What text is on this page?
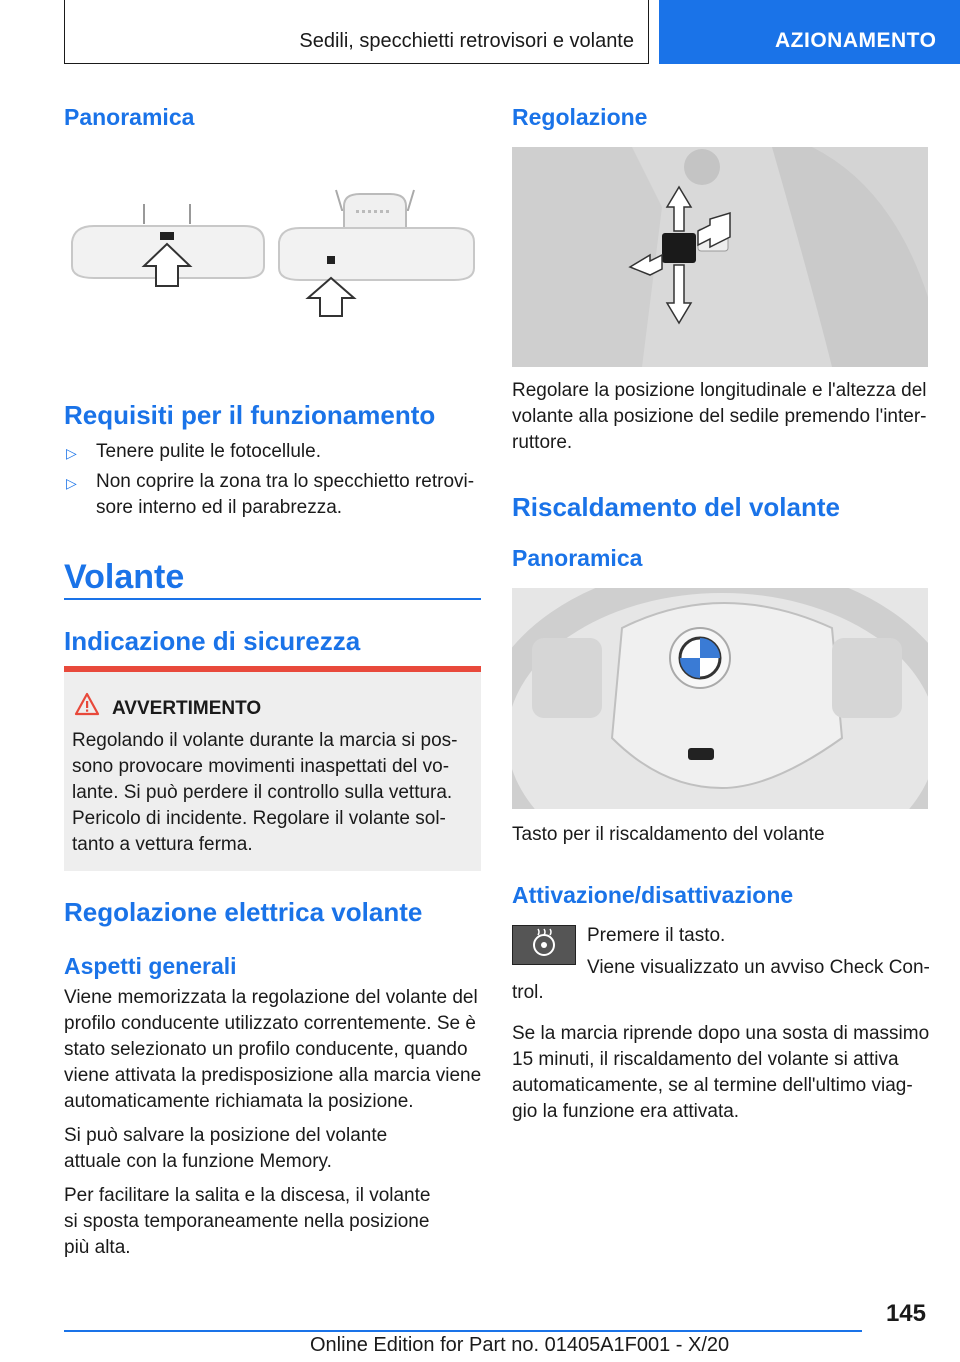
Sedili, specchietti retrovisori e volante	AZIONAMENTO
Panoramica
Requisiti per il funzionamento
▷	Tenere pulite le fotocellule.
▷	Non coprire la zona tra lo specchietto retrovi-sore interno ed il parabrezza.
Volante
Indicazione di sicurezza
AVVERTIMENTO
Regolando il volante durante la marcia si pos-sono provocare movimenti inaspettati del vo-lante. Si può perdere il controllo sulla vettura. Pericolo di incidente. Regolare il volante sol-tanto a vettura ferma.
Regolazione elettrica volante
Aspetti generali

Viene memorizzata la regolazione del volante del profilo conducente utilizzato correntemente. Se è stato selezionato un profilo conducente, quando viene attivata la predisposizione alla marcia viene automaticamente richiamata la posizione.

Si può salvare la posizione del volante attuale con la funzione Memory.

Per facilitare la salita e la discesa, il volante si sposta temporaneamente nella posizione più alta.

Regolazione

Regolare la posizione longitudinale e l'altezza del volante alla posizione del sedile premendo l'inter-ruttore.

Riscaldamento del volante
Panoramica

Tasto per il riscaldamento del volante

Attivazione/disattivazione
Premere il tasto.
Viene visualizzato un avviso Check Con-
trol.

Se la marcia riprende dopo una sosta di massimo 15 minuti, il riscaldamento del volante si attiva automaticamente, se al termine dell'ultimo viag-gio la funzione era attivata.

145
Online Edition for Part no. 01405A1F001 - X/20
